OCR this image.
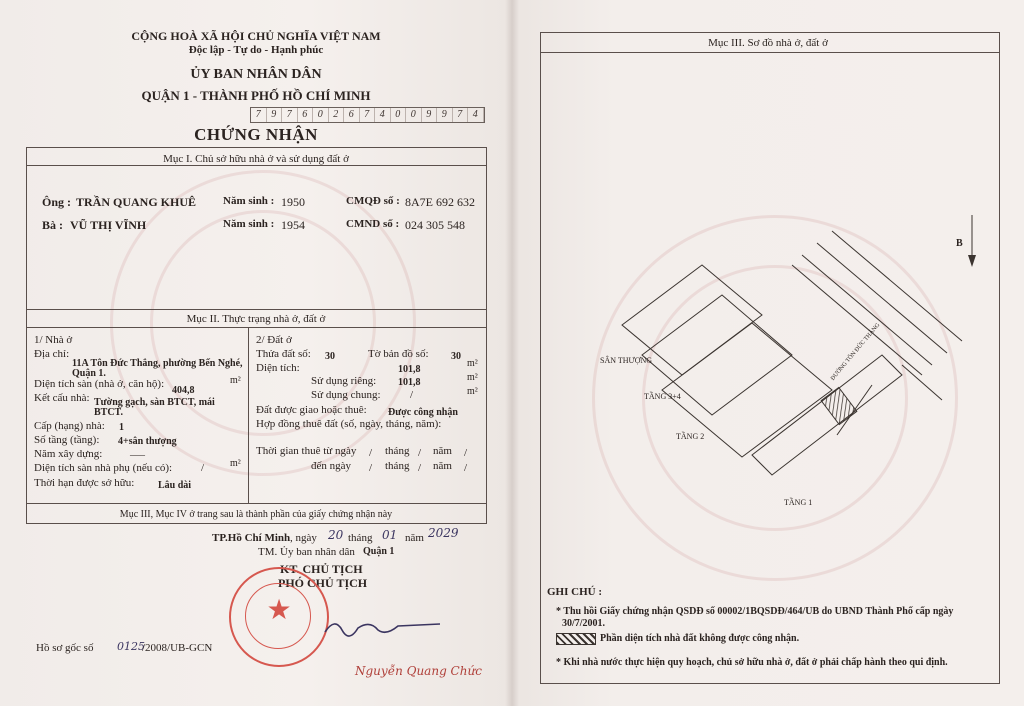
CỘNG HOÀ XÃ HỘI CHỦ NGHĨA VIỆT NAM
Độc lập - Tự do - Hạnh phúc
ỦY BAN NHÂN DÂN
QUẬN 1 - THÀNH PHỐ HỒ CHÍ MINH
7	9	7	6	0	2	6	7	4	0	0	9	9	7	4
CHỨNG NHẬN
Mục I. Chủ sở hữu nhà ở và sử dụng đất ở
Ông : TRẦN QUANG KHUÊ Năm sinh : 1950	CMQĐ số : 8A7E 692 632
Bà : VŨ THỊ VĨNH	Năm sinh : 1954	CMND số : 024 305 548
Mục II. Thực trạng nhà ở, đất ở
1/ Nhà ở
Địa chỉ:
11A Tôn Đức Thắng, phường Bến Nghé,
Quận 1.
Diện tích sàn (nhà ở, căn hộ):
404,8
m²
Kết cấu nhà: Tường gạch, sàn BTCT, mái
BTCT.
Cấp (hạng) nhà: 1
Số tầng (tầng): 4+sân thượng
Năm xây dựng:	___
Diện tích sàn nhà phụ (nếu có):	/	m²
Thời hạn được sở hữu: Lâu dài
2/ Đất ở
Thửa đất số: 30	Tờ bản đồ số: 30
Diện tích:	101,8
m²
Sử dụng riêng: 101,8	m²
Sử dụng chung:	/	m²
Đất được giao hoặc thuê: Được công nhận
Hợp đồng thuê đất (số, ngày, tháng, năm):
Thời gian thuê từ ngày / tháng / năm /
đến ngày / tháng / năm /
Mục III, Mục IV ở trang sau là thành phần của giấy chứng nhận này
TP.Hồ Chí Minh , ngày 20 tháng 01 năm 2029
TM. Ủy ban nhân dân Quận 1
KT. CHỦ TỊCH
PHÓ CHỦ TỊCH
★
Nguyễn Quang Chức
Hồ sơ gốc số 0125
/2008/UB-GCN
Mục III. Sơ đồ nhà ở, đất ở
B
SÂN THƯỢNG
TẦNG 3+4
TẦNG 2
TẦNG 1
ĐƯỜNG TÔN ĐỨC THẮNG
GHI CHÚ :
* Thu hồi Giấy chứng nhận QSDĐ số 00002/1BQSDĐ/464/UB do UBND Thành Phố cấp ngày
30/7/2001.
Phần diện tích nhà đất không được công nhận.
* Khi nhà nước thực hiện quy hoạch, chủ sở hữu nhà ở, đất ở phải chấp hành theo qui định.
